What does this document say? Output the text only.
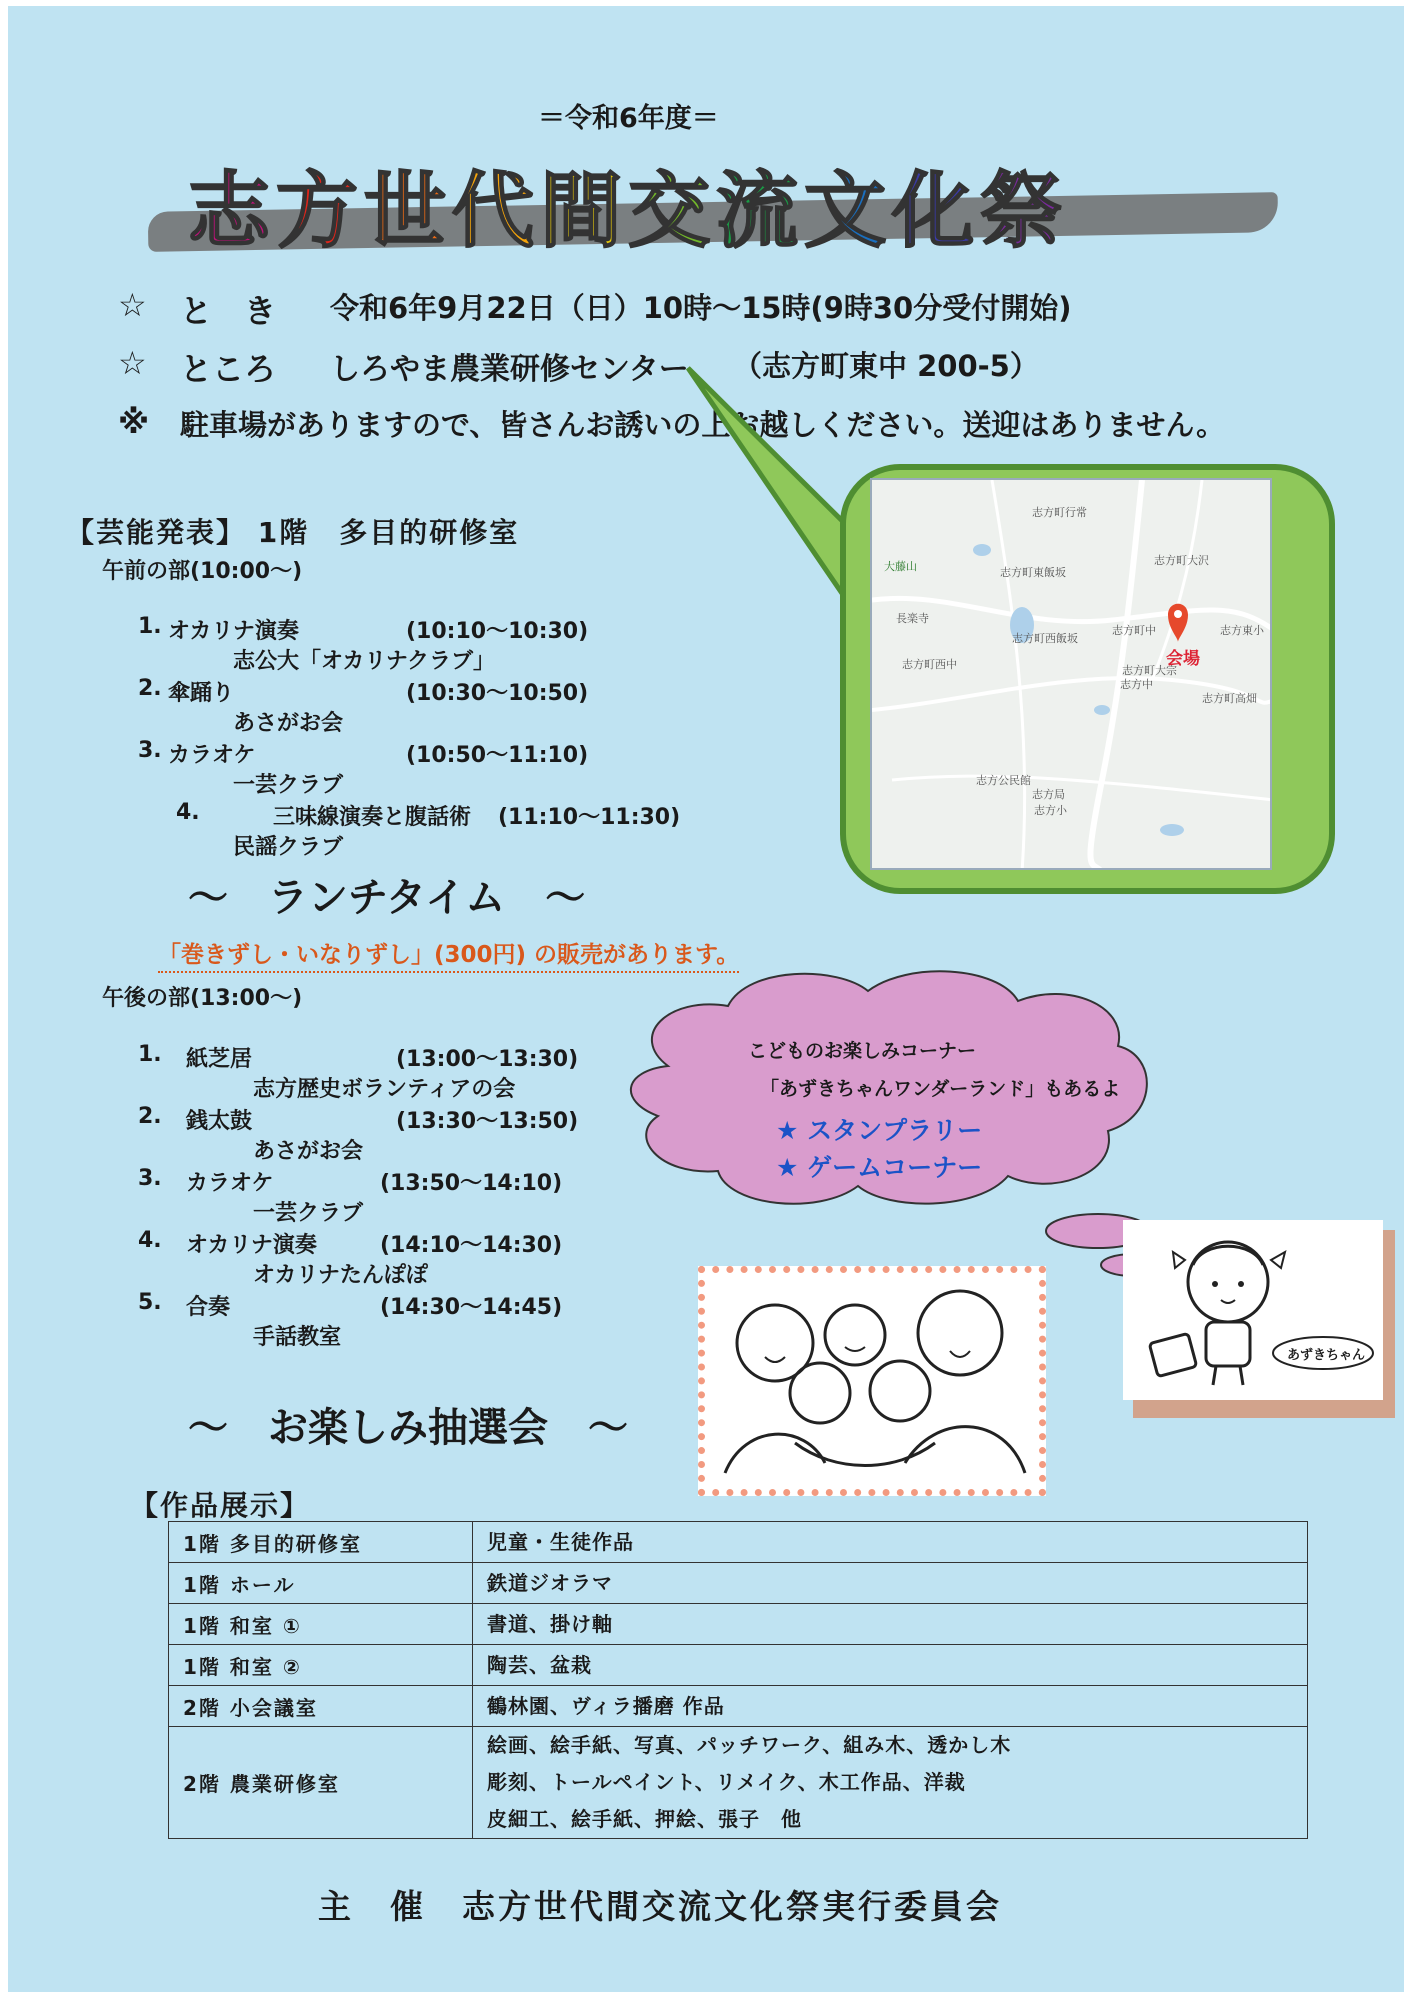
＝令和6年度＝
志方世代間交流文化祭
☆ と　き 令和6年9月22日（日）10時～15時(9時30分受付開始)
☆ ところ しろやま農業研修センター （志方町東中 200-5）
※ 駐車場がありますので、皆さんお誘いの上お越しください。送迎はありません。
志方町行常
大藤山	志方町東飯坂
志方町大沢
長楽寺
志方町西中
志方町西飯坂
志方町中
志方町大宗
志方中
志方東小
志方町高畑
志方公民館
志方局
志方小
会場
【芸能発表】 1階　多目的研修室
午前の部(10:00～)
1. オカリナ演奏	(10:10～10:30)
志公大「オカリナクラブ」
2. 傘踊り	(10:30～10:50)
あさがお会
3. カラオケ	(10:50～11:10)
一芸クラブ
4.	三味線演奏と腹話術 (11:10～11:30)
民謡クラブ
～　ランチタイム　～
「巻きずし・いなりずし」(300円) の販売があります。
午後の部(13:00～)
1. 紙芝居	(13:00～13:30)
志方歴史ボランティアの会
2. 銭太鼓	(13:30～13:50)
あさがお会
3. カラオケ	(13:50～14:10)
一芸クラブ
4. オカリナ演奏	(14:10～14:30)
オカリナたんぽぽ
5. 合奏	(14:30～14:45)
手話教室
～　お楽しみ抽選会　～
こどものお楽しみコーナー
「あずきちゃんワンダーランド」もあるよ
★ スタンプラリー
★ ゲームコーナー
あずきちゃん
【作品展示】
1階 多目的研修室	児童・生徒作品
1階 ホール	鉄道ジオラマ
1階 和室 ①	書道、掛け軸
1階 和室 ②	陶芸、盆栽
2階 小会議室	鶴林園、ヴィラ播磨 作品
2階 農業研修室	絵画、絵手紙、写真、パッチワーク、組み木、透かし木
彫刻、トールペイント、リメイク、木工作品、洋裁
皮細工、絵手紙、押絵、張子　他
主　催　志方世代間交流文化祭実行委員会
